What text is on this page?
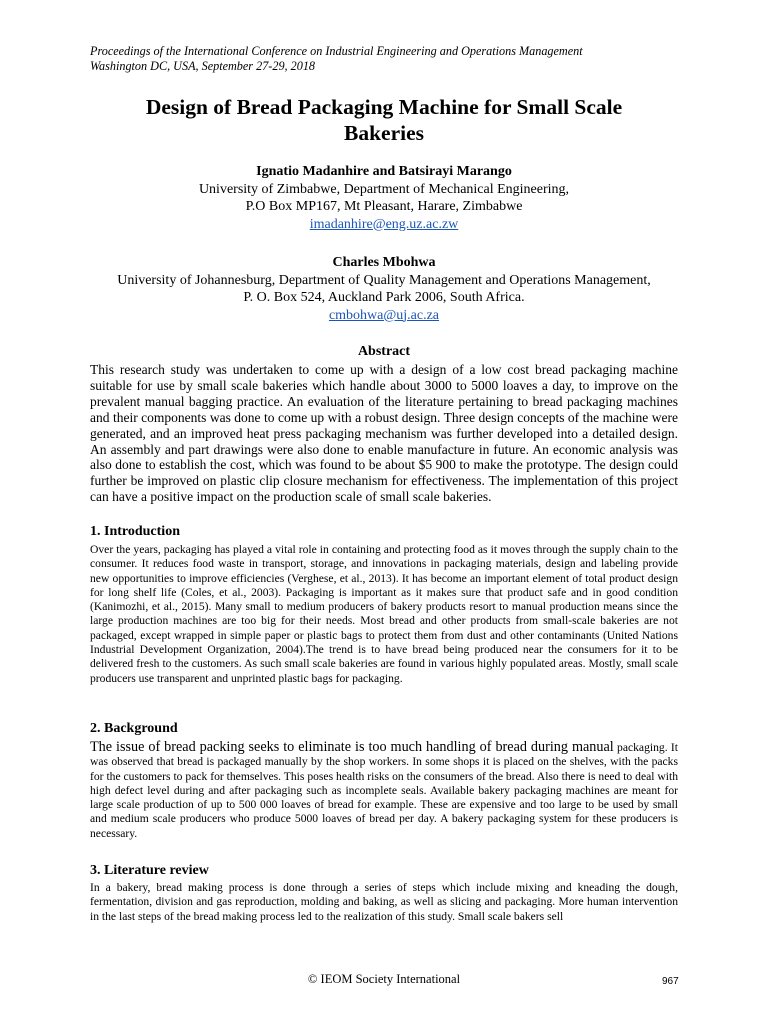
Proceedings of the International Conference on Industrial Engineering and Operations Management
Washington DC, USA, September 27-29, 2018
Design of Bread Packaging Machine for Small Scale
Bakeries
Ignatio Madanhire and Batsirayi Marango
University of Zimbabwe, Department of Mechanical Engineering,
P.O Box MP167, Mt Pleasant, Harare, Zimbabwe
imadanhire@eng.uz.ac.zw
Charles Mbohwa
University of Johannesburg, Department of Quality Management and Operations Management,
P. O. Box 524, Auckland Park 2006, South Africa.
cmbohwa@uj.ac.za
Abstract
This research study was undertaken to come up with a design of a low cost bread packaging machine suitable for use by small scale bakeries which handle about 3000 to 5000 loaves a day, to improve on the prevalent manual bagging practice. An evaluation of the literature pertaining to bread packaging machines and their components was done to come up with a robust design. Three design concepts of the machine were generated, and an improved heat press packaging mechanism was further developed into a detailed design. An assembly and part drawings were also done to enable manufacture in future. An economic analysis was also done to establish the cost, which was found to be about $5 900 to make the prototype. The design could further be improved on plastic clip closure mechanism for effectiveness. The implementation of this project can have a positive impact on the production scale of small scale bakeries.
1. Introduction
Over the years, packaging has played a vital role in containing and protecting food as it moves through the supply chain to the consumer. It reduces food waste in transport, storage, and innovations in packaging materials, design and labeling provide new opportunities to improve efficiencies (Verghese, et al., 2013). It has become an important element of total product design for long shelf life (Coles, et al., 2003). Packaging is important as it makes sure that product safe and in good condition (Kanimozhi, et al., 2015). Many small to medium producers of bakery products resort to manual production means since the large production machines are too big for their needs. Most bread and other products from small-scale bakeries are not packaged, except wrapped in simple paper or plastic bags to protect them from dust and other contaminants (United Nations Industrial Development Organization, 2004).The trend is to have bread being produced near the consumers for it to be delivered fresh to the customers. As such small scale bakeries are found in various highly populated areas. Mostly, small scale producers use transparent and unprinted plastic bags for packaging.
2. Background
The issue of bread packing seeks to eliminate is too much handling of bread during manual packaging. It was observed that bread is packaged manually by the shop workers. In some shops it is placed on the shelves, with the packs for the customers to pack for themselves. This poses health risks on the consumers of the bread. Also there is need to deal with high defect level during and after packaging such as incomplete seals. Available bakery packaging machines are meant for large scale production of up to 500 000 loaves of bread for example. These are expensive and too large to be used by small and medium scale producers who produce 5000 loaves of bread per day. A bakery packaging system for these producers is necessary.
3. Literature review
In a bakery, bread making process is done through a series of steps which include mixing and kneading the dough, fermentation, division and gas reproduction, molding and baking, as well as slicing and packaging. More human intervention in the last steps of the bread making process led to the realization of this study. Small scale bakers sell
© IEOM Society International	967
